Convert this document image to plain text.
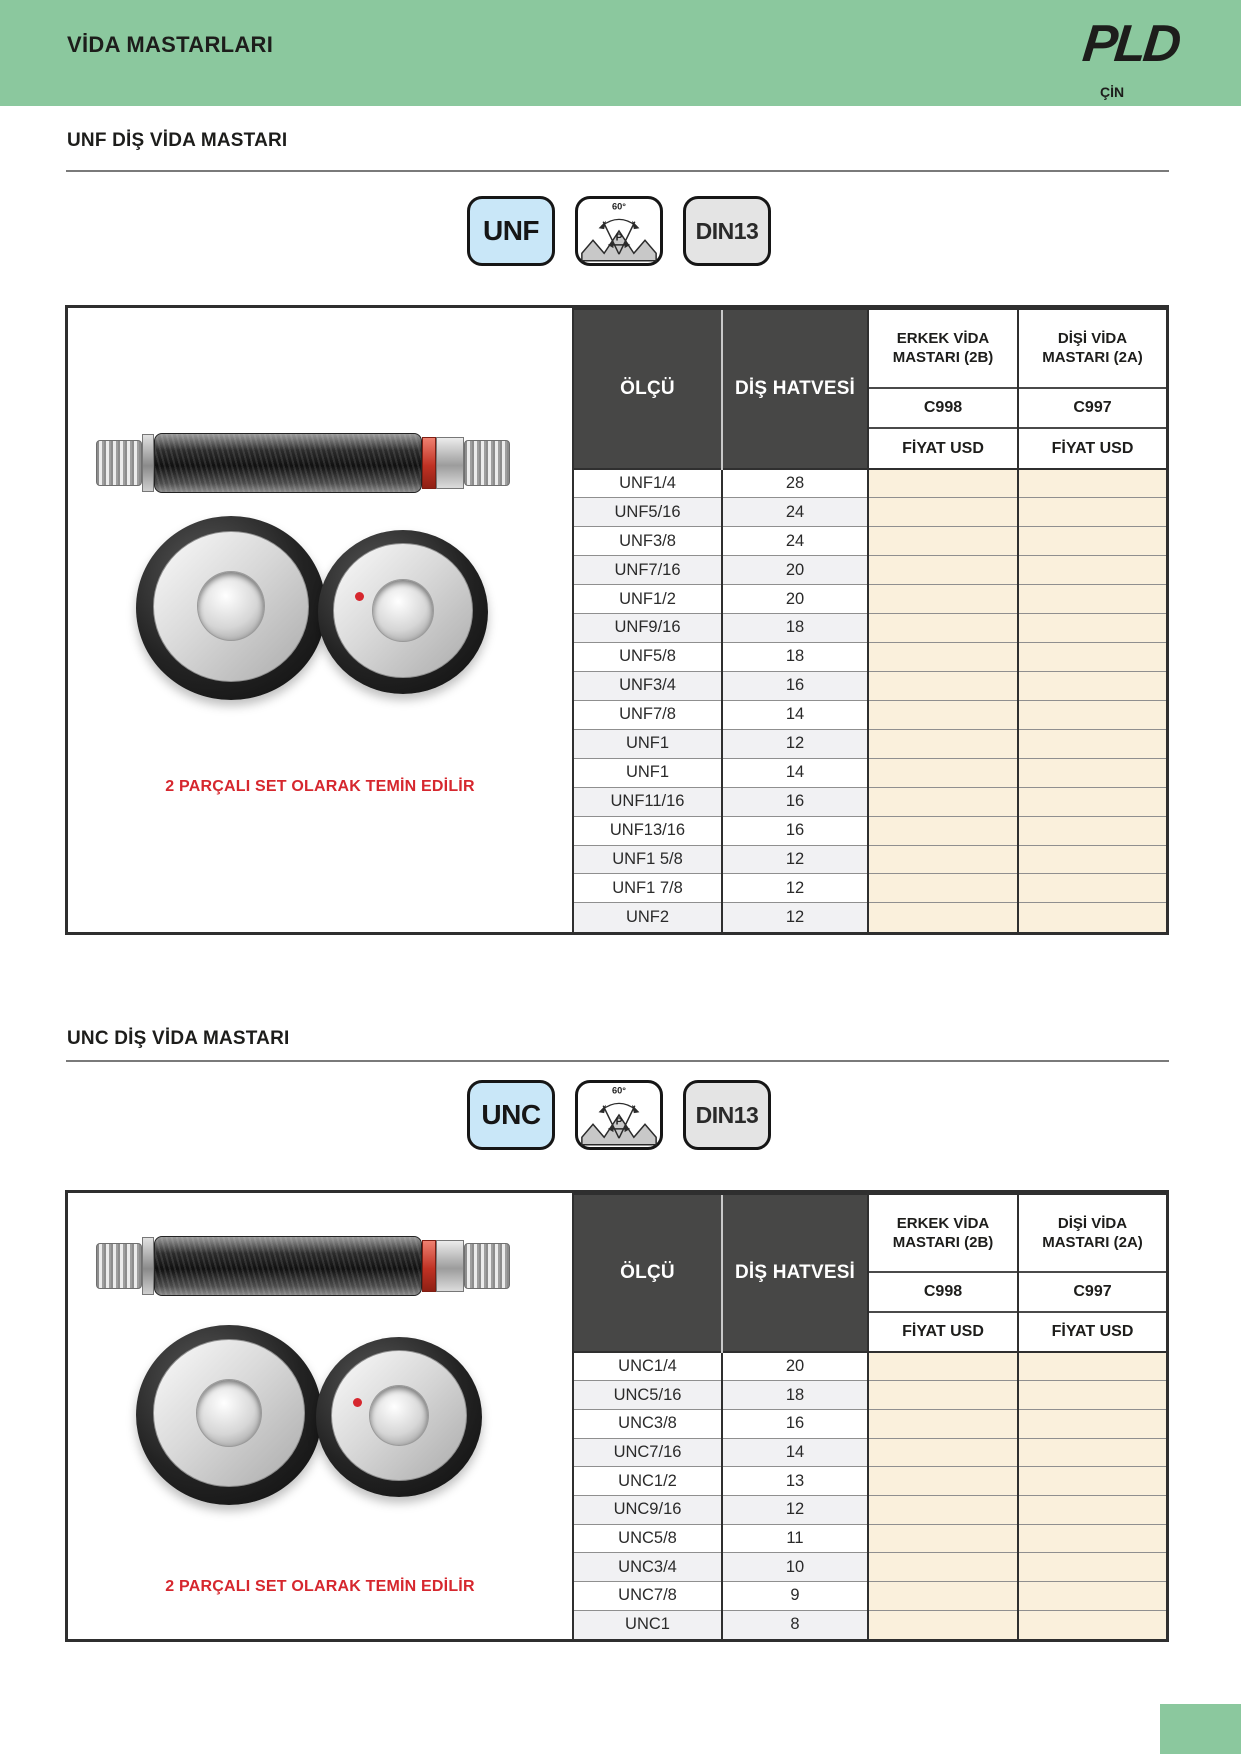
VİDA MASTARLARI	PLD
ÇİN
UNF DİŞ VİDA MASTARI
UNF
60°
P	DIN13
2 PARÇALI SET OLARAK TEMİN EDİLİR
ÖLÇÜ	DİŞ HATVESİ	ERKEK VİDA MASTARI (2B)	DİŞİ VİDA MASTARI (2A)
		C998	C997
		FİYAT USD	FİYAT USD
UNF1/4	28		
UNF5/16	24		
UNF3/8	24		
UNF7/16	20		
UNF1/2	20		
UNF9/16	18		
UNF5/8	18		
UNF3/4	16		
UNF7/8	14		
UNF1	12		
UNF1	14		
UNF11/16	16		
UNF13/16	16		
UNF1 5/8	12		
UNF1 7/8	12		
UNF2	12		
UNC DİŞ VİDA MASTARI
UNC
60°
P	DIN13
2 PARÇALI SET OLARAK TEMİN EDİLİR
ÖLÇÜ	DİŞ HATVESİ	ERKEK VİDA MASTARI (2B)	DİŞİ VİDA MASTARI (2A)
		C998	C997
		FİYAT USD	FİYAT USD
UNC1/4	20		
UNC5/16	18		
UNC3/8	16		
UNC7/16	14		
UNC1/2	13		
UNC9/16	12		
UNC5/8	11		
UNC3/4	10		
UNC7/8	9		
UNC1	8		
